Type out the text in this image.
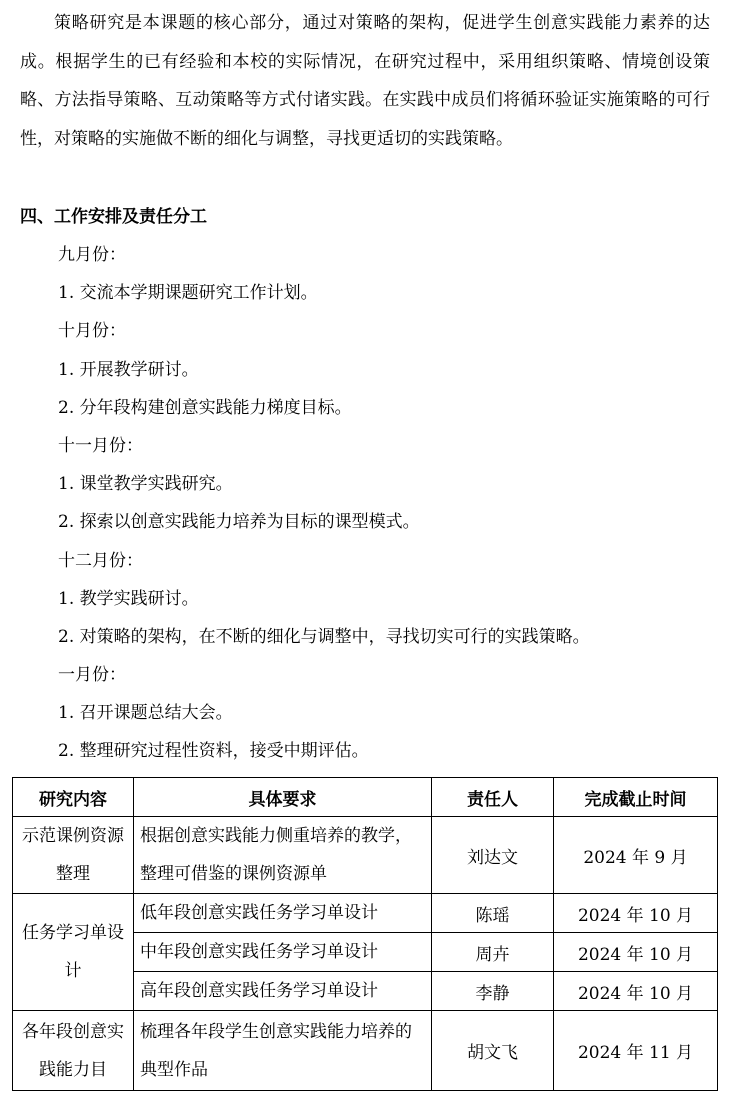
策略研究是本课题的核心部分，通过对策略的架构，促进学生创意实践能力素养的达成。根据学生的已有经验和本校的实际情况，在研究过程中，采用组织策略、情境创设策略、方法指导策略、互动策略等方式付诸实践。在实践中成员们将循环验证实施策略的可行性，对策略的实施做不断的细化与调整，寻找更适切的实践策略。

四、工作安排及责任分工

九月份：
1. 交流本学期课题研究工作计划。
十月份：
1. 开展教学研讨。
2. 分年段构建创意实践能力梯度目标。
十一月份：
1. 课堂教学实践研究。
2. 探索以创意实践能力培养为目标的课型模式。
十二月份：
1. 教学实践研讨。
2. 对策略的架构，在不断的细化与调整中，寻找切实可行的实践策略。
一月份：
1. 召开课题总结大会。
2. 整理研究过程性资料，接受中期评估。
研究内容	具体要求	责任人	完成截止时间
示范课例资源整理	根据创意实践能力侧重培养的教学，整理可借鉴的课例资源单	刘达文	2024 年 9 月
任务学习单设计	低年段创意实践任务学习单设计	陈瑶	2024 年 10 月
	中年段创意实践任务学习单设计	周卉	2024 年 10 月
	高年段创意实践任务学习单设计	李静	2024 年 10 月
各年段创意实践能力目	梳理各年段学生创意实践能力培养的典型作品	胡文飞	2024 年 11 月
